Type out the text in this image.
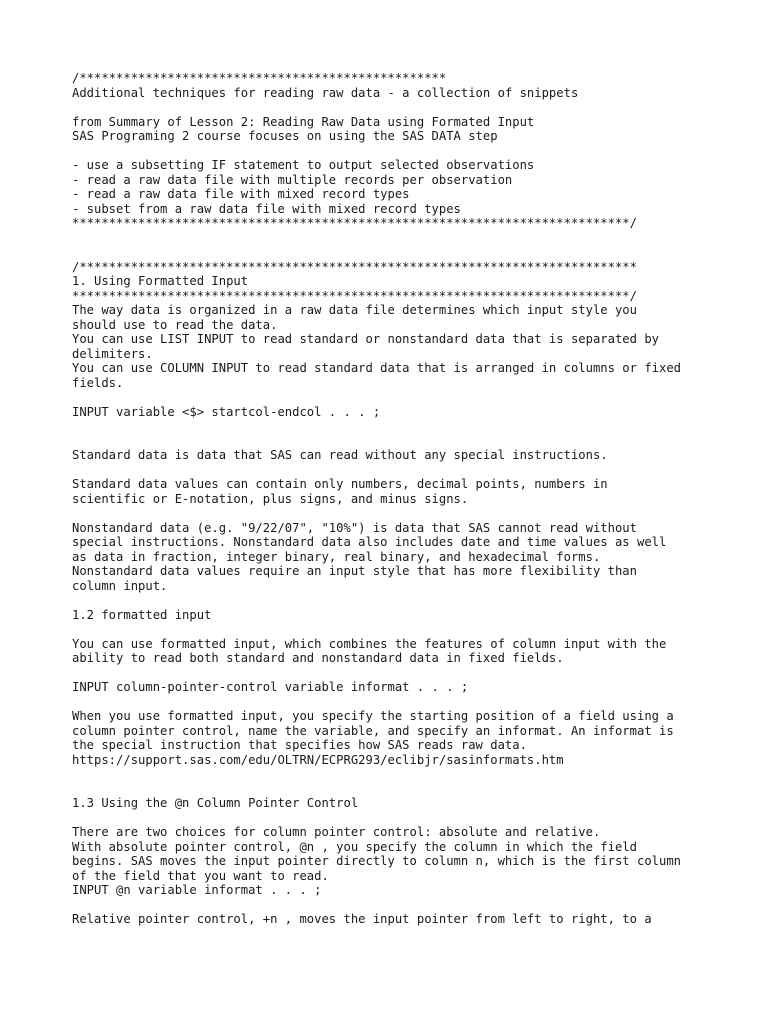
/**************************************************
Additional techniques for reading raw data - a collection of snippets
from Summary of Lesson 2: Reading Raw Data using Formated Input
SAS Programing 2 course focuses on using the SAS DATA step
- use a subsetting IF statement to output selected observations
- read a raw data file with multiple records per observation
- read a raw data file with mixed record types
- subset from a raw data file with mixed record types
****************************************************************************/
/****************************************************************************
1. Using Formatted Input
****************************************************************************/
The way data is organized in a raw data file determines which input style you
should use to read the data.
You can use LIST INPUT to read standard or nonstandard data that is separated by
delimiters.
You can use COLUMN INPUT to read standard data that is arranged in columns or fixed
fields.
INPUT variable <$> startcol-endcol . . . ;
Standard data is data that SAS can read without any special instructions.
Standard data values can contain only numbers, decimal points, numbers in
scientific or E-notation, plus signs, and minus signs.
Nonstandard data (e.g. "9/22/07", "10%") is data that SAS cannot read without
special instructions. Nonstandard data also includes date and time values as well
as data in fraction, integer binary, real binary, and hexadecimal forms.
Nonstandard data values require an input style that has more flexibility than
column input.
1.2 formatted input
You can use formatted input, which combines the features of column input with the
ability to read both standard and nonstandard data in fixed fields.
INPUT column-pointer-control variable informat . . . ;
When you use formatted input, you specify the starting position of a field using a
column pointer control, name the variable, and specify an informat. An informat is
the special instruction that specifies how SAS reads raw data.
https://support.sas.com/edu/OLTRN/ECPRG293/eclibjr/sasinformats.htm
1.3 Using the @n Column Pointer Control
There are two choices for column pointer control: absolute and relative.
With absolute pointer control, @n , you specify the column in which the field
begins. SAS moves the input pointer directly to column n, which is the first column
of the field that you want to read.
INPUT @n variable informat . . . ;
Relative pointer control, +n , moves the input pointer from left to right, to a
